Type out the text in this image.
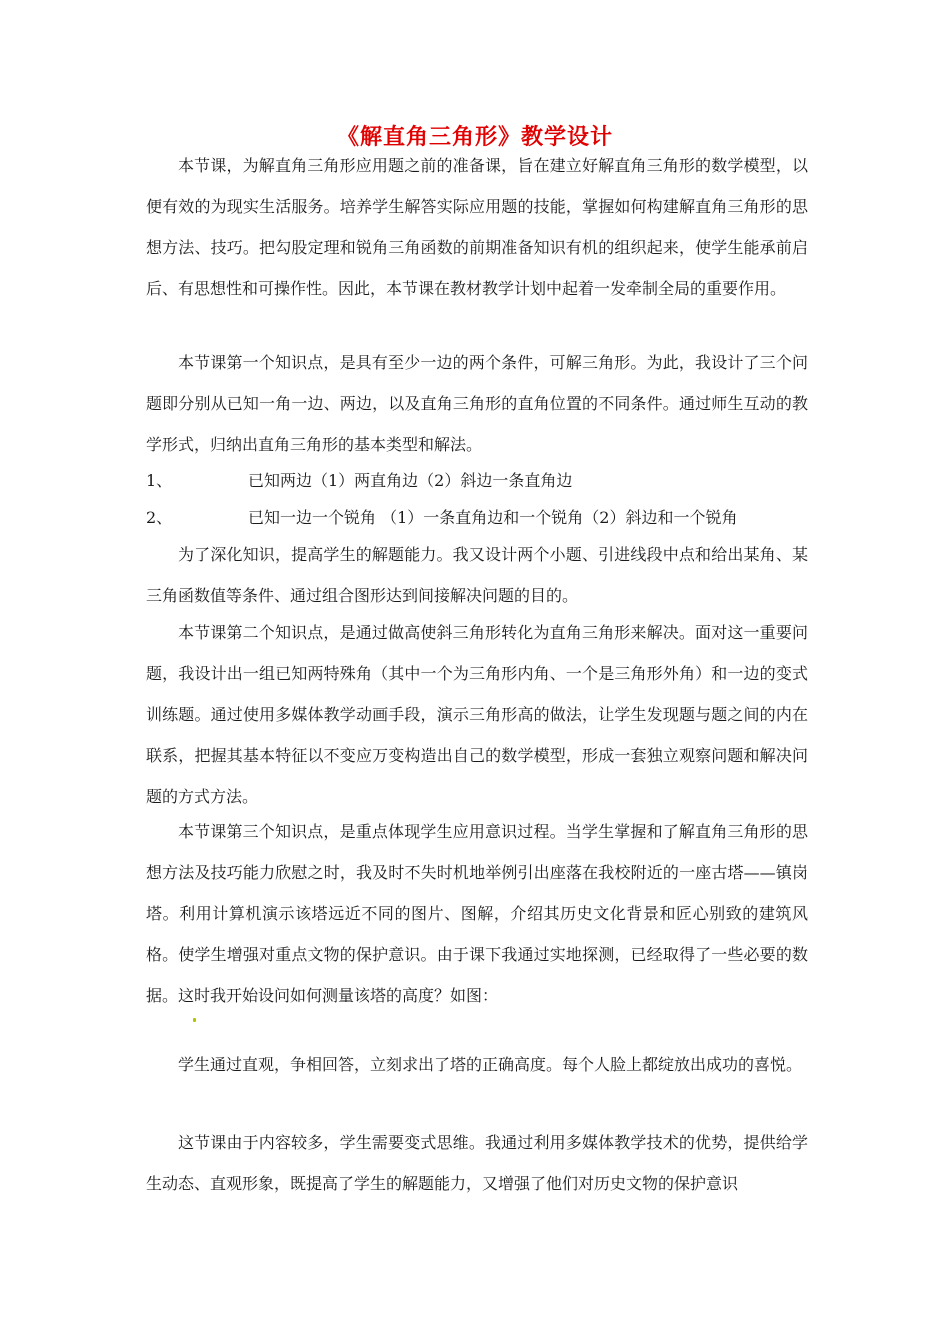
《解直角三角形》教学设计
本节课，为解直角三角形应用题之前的准备课，旨在建立好解直角三角形的数学模型，以便有效的为现实生活服务。培养学生解答实际应用题的技能，掌握如何构建解直角三角形的思想方法、技巧。把勾股定理和锐角三角函数的前期准备知识有机的组织起来，使学生能承前启后、有思想性和可操作性。因此，本节课在教材教学计划中起着一发牵制全局的重要作用。
本节课第一个知识点，是具有至少一边的两个条件，可解三角形。为此，我设计了三个问题即分别从已知一角一边、两边，以及直角三角形的直角位置的不同条件。通过师生互动的教学形式，归纳出直角三角形的基本类型和解法。
1、	已知两边（1）两直角边（2）斜边一条直角边
2、	已知一边一个锐角 （1）一条直角边和一个锐角（2）斜边和一个锐角
为了深化知识，提高学生的解题能力。我又设计两个小题、引进线段中点和给出某角、某三角函数值等条件、通过组合图形达到间接解决问题的目的。
本节课第二个知识点，是通过做高使斜三角形转化为直角三角形来解决。面对这一重要问题，我设计出一组已知两特殊角（其中一个为三角形内角、一个是三角形外角）和一边的变式训练题。通过使用多媒体教学动画手段，演示三角形高的做法，让学生发现题与题之间的内在联系，把握其基本特征以不变应万变构造出自己的数学模型，形成一套独立观察问题和解决问题的方式方法。
本节课第三个知识点，是重点体现学生应用意识过程。当学生掌握和了解直角三角形的思想方法及技巧能力欣慰之时，我及时不失时机地举例引出座落在我校附近的一座古塔——镇岗塔。利用计算机演示该塔远近不同的图片、图解，介绍其历史文化背景和匠心别致的建筑风格。使学生增强对重点文物的保护意识。由于课下我通过实地探测，已经取得了一些必要的数据。这时我开始设问如何测量该塔的高度？如图：
学生通过直观，争相回答，立刻求出了塔的正确高度。每个人脸上都绽放出成功的喜悦。
这节课由于内容较多，学生需要变式思维。我通过利用多媒体教学技术的优势，提供给学生动态、直观形象，既提高了学生的解题能力，又增强了他们对历史文物的保护意识
